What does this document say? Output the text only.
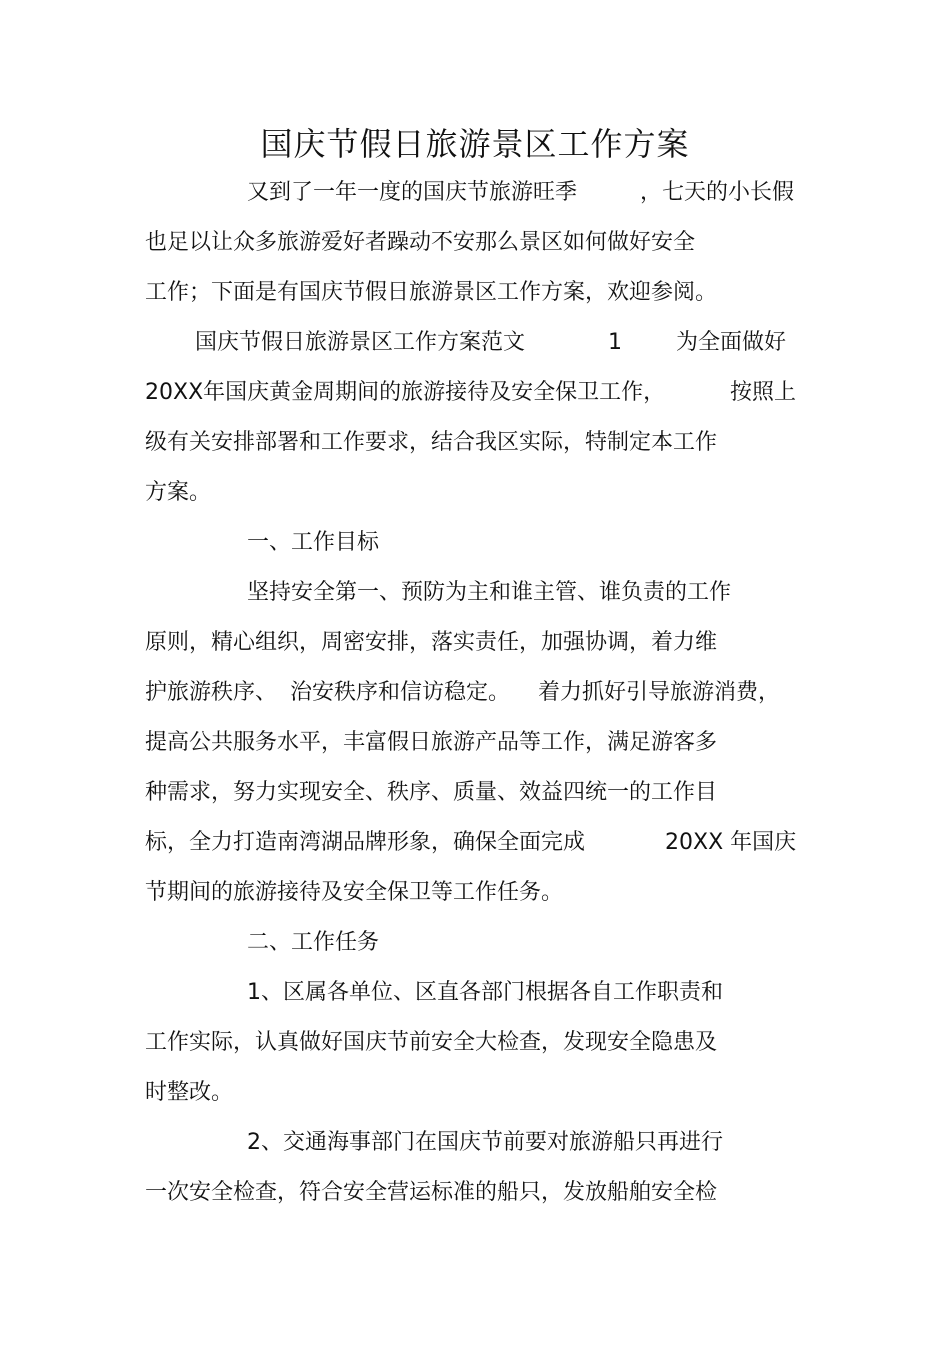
国庆节假日旅游景区工作方案
又到了一年一度的国庆节旅游旺季	，七天的小长假
也足以让众多旅游爱好者躁动不安那么景区如何做好安全
工作；下面是有国庆节假日旅游景区工作方案，欢迎参阅。
国庆节假日旅游景区工作方案范文	1 为全面做好
20XX年国庆黄金周期间的旅游接待及安全保卫工作，	按照上
级有关安排部署和工作要求，结合我区实际，特制定本工作
方案。
一、工作目标
坚持安全第一、预防为主和谁主管、谁负责的工作
原则，精心组织，周密安排，落实责任，加强协调，着力维
护旅游秩序、 治安秩序和信访稳定。 着力抓好引导旅游消费，
提高公共服务水平，丰富假日旅游产品等工作，满足游客多
种需求，努力实现安全、秩序、质量、效益四统一的工作目
标，全力打造南湾湖品牌形象，确保全面完成	20XX 年国庆
节期间的旅游接待及安全保卫等工作任务。
二、工作任务
1、区属各单位、区直各部门根据各自工作职责和
工作实际，认真做好国庆节前安全大检查，发现安全隐患及
时整改。
2、交通海事部门在国庆节前要对旅游船只再进行
一次安全检查，符合安全营运标准的船只，发放船舶安全检
